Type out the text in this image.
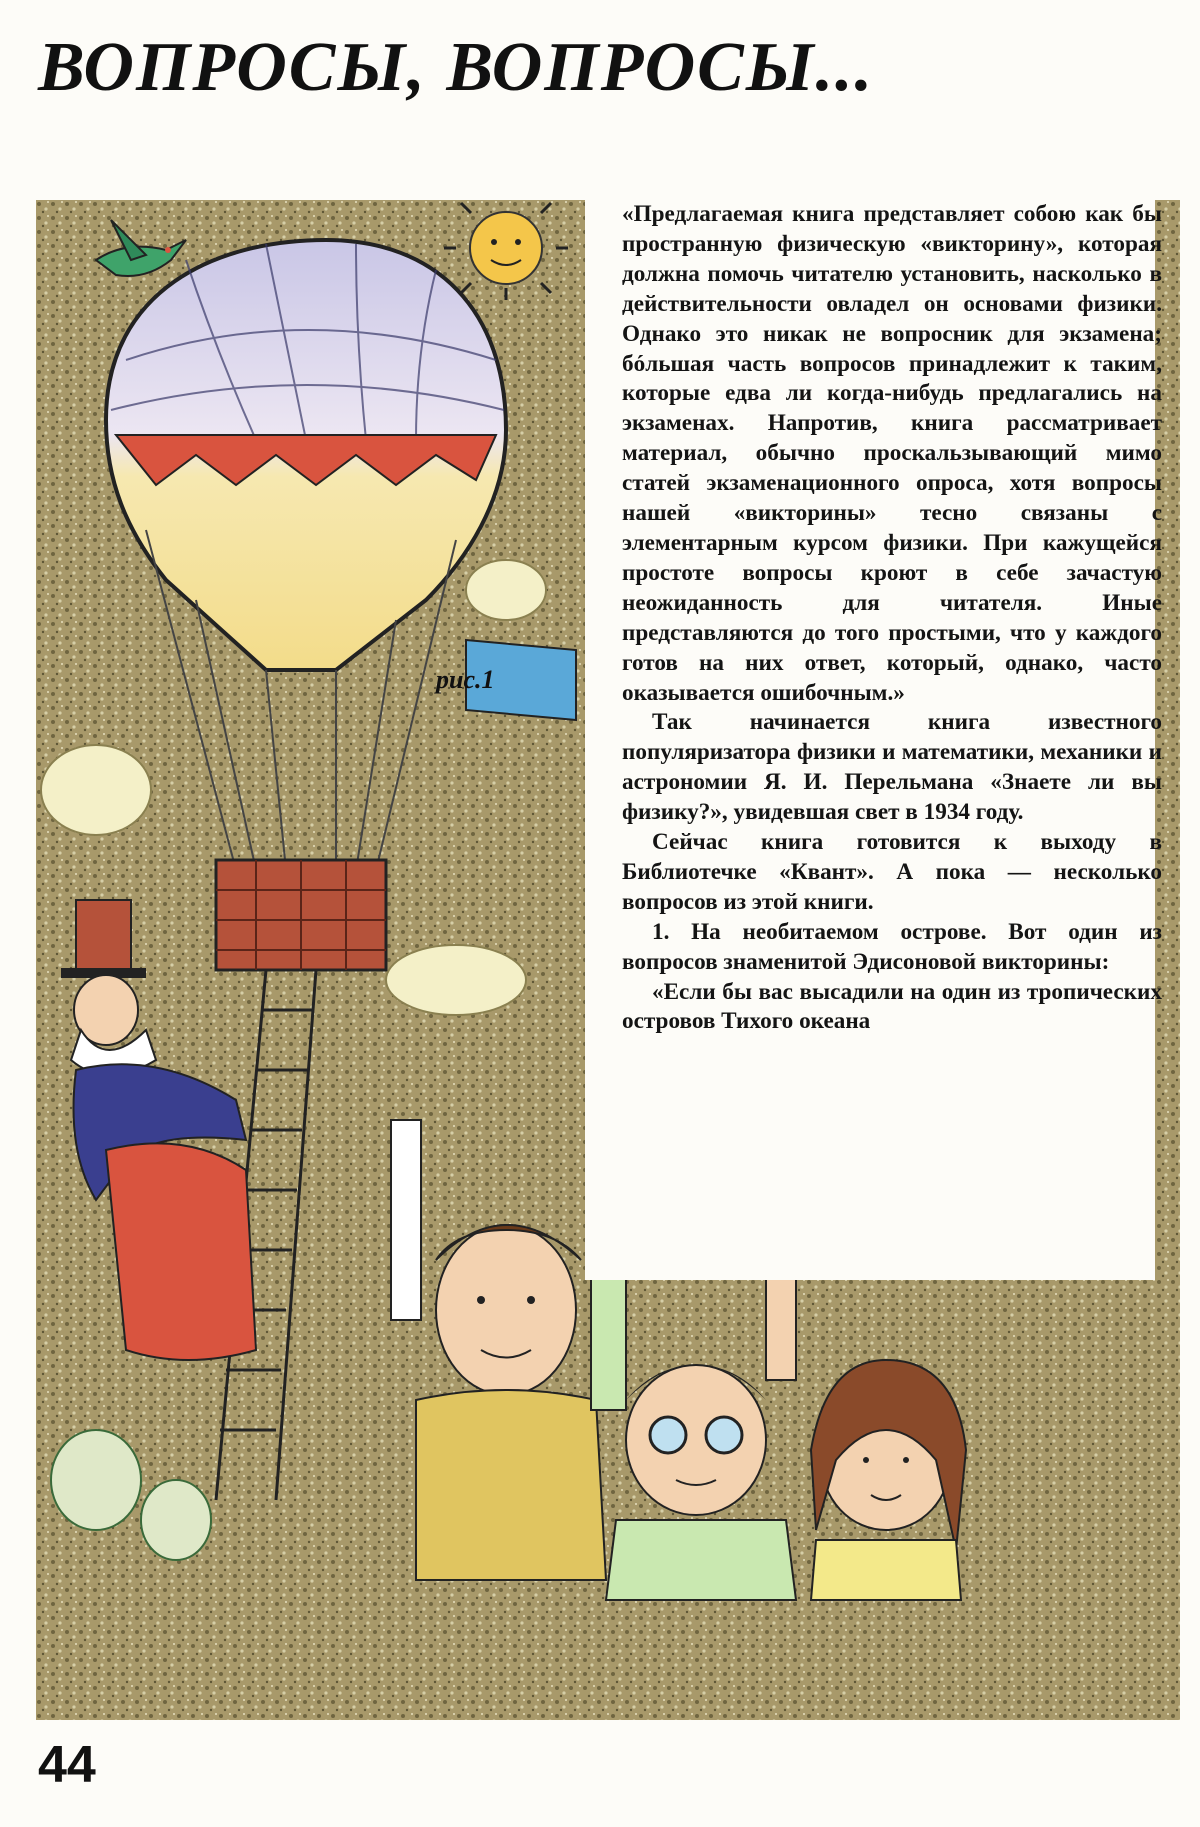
ВОПРОСЫ, ВОПРОСЫ...
рис.1

«Предлагаемая книга представляет собою как бы пространную физическую «викторину», которая должна помочь читателю установить, насколько в действительности овладел он основами физики. Однако это никак не вопросник для экзамена; бóльшая часть вопросов принадлежит к таким, которые едва ли когда-нибудь предлагались на экзаменах. Напротив, книга рассматривает материал, обычно проскальзывающий мимо статей экзаменационного опроса, хотя вопросы нашей «викторины» тесно связаны с элементарным курсом физики. При кажущейся простоте вопросы кроют в себе зачастую неожиданность для читателя. Иные представляются до того простыми, что у каждого готов на них ответ, который, однако, часто оказывается ошибочным.»

Так начинается книга известного популяризатора физики и математики, механики и астрономии Я. И. Перельмана «Знаете ли вы физику?», увидевшая свет в 1934 году.

Сейчас книга готовится к выходу в Библиотечке «Квант». А пока — несколько вопросов из этой книги.

1. На необитаемом острове. Вот один из вопросов знаменитой Эдисоновой викторины:

«Если бы вас высадили на один из тропических островов Тихого океана

44
